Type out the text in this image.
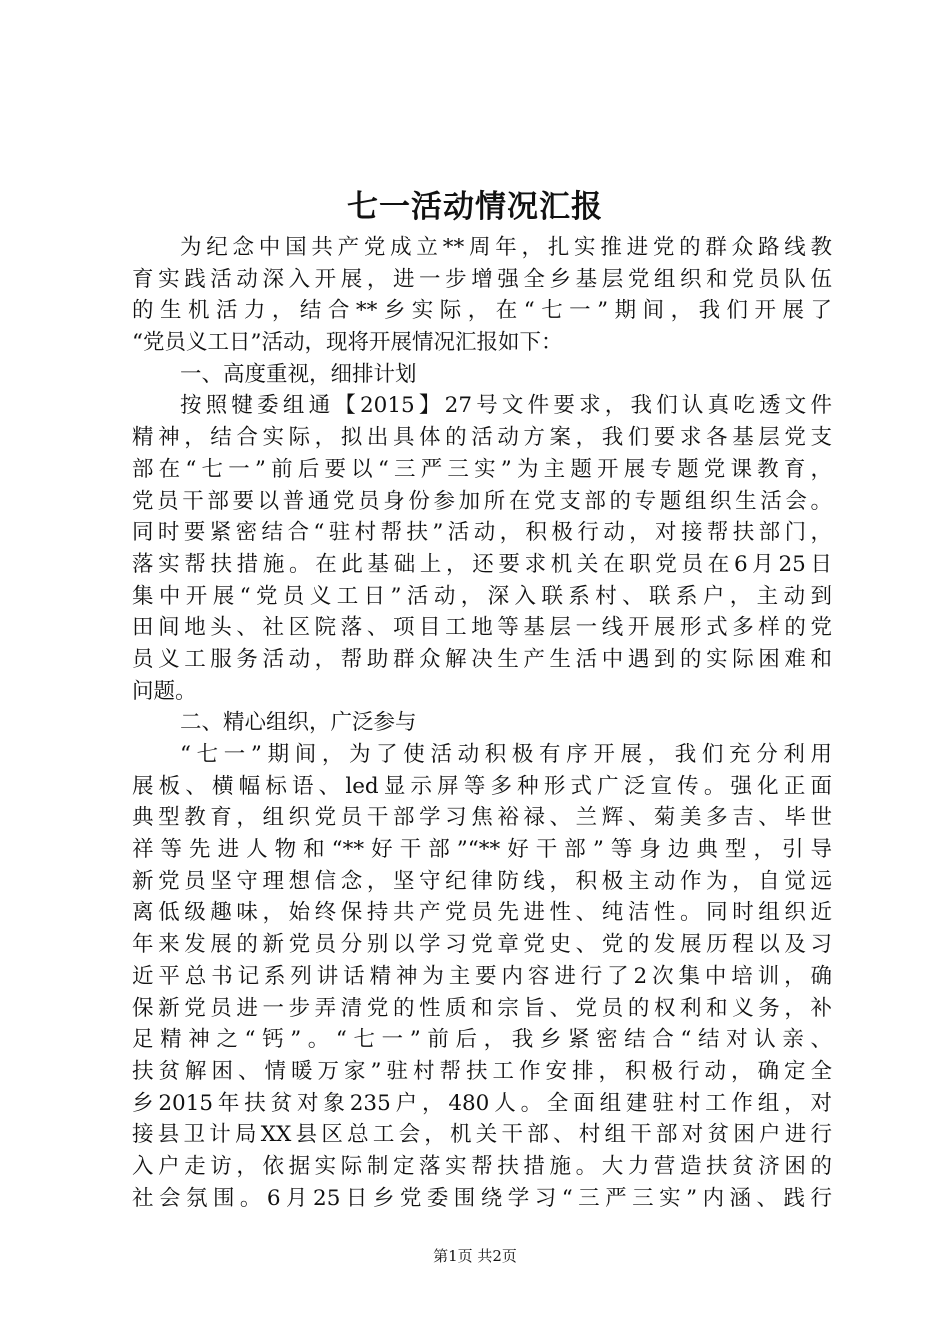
七一活动情况汇报
为纪念中国共产党成立**周年，扎实推进党的群众路线教
育实践活动深入开展，进一步增强全乡基层党组织和党员队伍
的生机活力，结合**乡实际，在“七一”期间，我们开展了
“党员义工日”活动，现将开展情况汇报如下：
一、高度重视，细排计划
按照犍委组通【2015】27号文件要求，我们认真吃透文件
精神，结合实际，拟出具体的活动方案，我们要求各基层党支
部在“七一”前后要以“三严三实”为主题开展专题党课教育，
党员干部要以普通党员身份参加所在党支部的专题组织生活会。
同时要紧密结合“驻村帮扶”活动，积极行动，对接帮扶部门，
落实帮扶措施。在此基础上，还要求机关在职党员在6月25日
集中开展“党员义工日”活动，深入联系村、联系户，主动到
田间地头、社区院落、项目工地等基层一线开展形式多样的党
员义工服务活动，帮助群众解决生产生活中遇到的实际困难和
问题。
二、精心组织，广泛参与
“七一”期间，为了使活动积极有序开展，我们充分利用
展板、横幅标语、led显示屏等多种形式广泛宣传。强化正面
典型教育，组织党员干部学习焦裕禄、兰辉、菊美多吉、毕世
祥等先进人物和“**好干部”“**好干部”等身边典型，引导
新党员坚守理想信念，坚守纪律防线，积极主动作为，自觉远
离低级趣味，始终保持共产党员先进性、纯洁性。同时组织近
年来发展的新党员分别以学习党章党史、党的发展历程以及习
近平总书记系列讲话精神为主要内容进行了2次集中培训，确
保新党员进一步弄清党的性质和宗旨、党员的权利和义务，补
足精神之“钙”。“七一”前后，我乡紧密结合“结对认亲、
扶贫解困、情暖万家”驻村帮扶工作安排，积极行动，确定全
乡2015年扶贫对象235户，480人。全面组建驻村工作组，对
接县卫计局XX县区总工会，机关干部、村组干部对贫困户进行
入户走访，依据实际制定落实帮扶措施。大力营造扶贫济困的
社会氛围。6月25日乡党委围绕学习“三严三实”内涵、践行
第1页 共2页
